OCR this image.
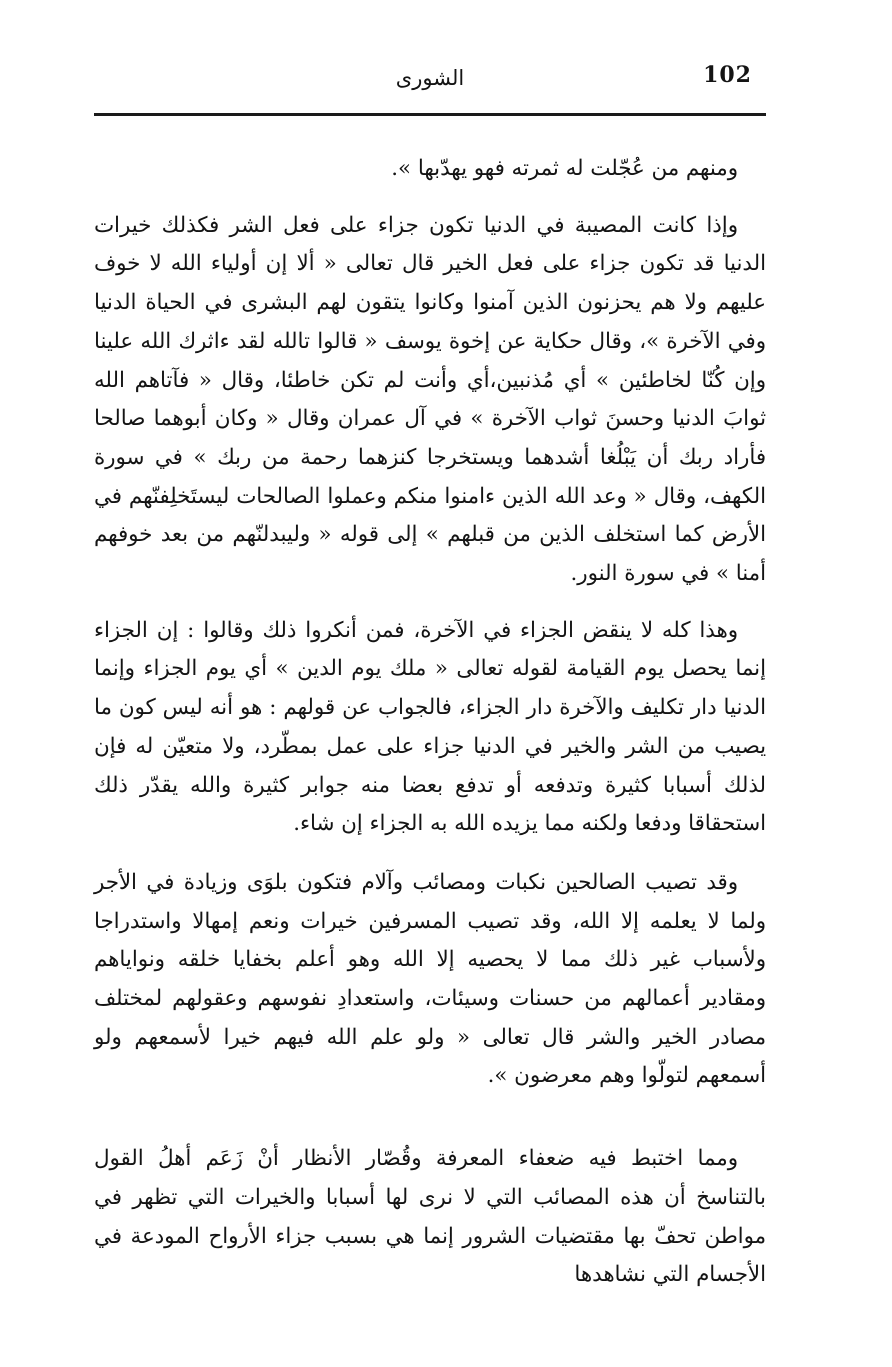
102
الشورى

ومنهم من عُجّلت له ثمرته فهو يهدّبها ».

وإذا كانت المصيبة في الدنيا تكون جزاء على فعل الشر فكذلك خيرات الدنيا قد تكون جزاء على فعل الخير قال تعالى « ألا إن أولياء الله لا خوف عليهم ولا هم يحزنون الذين آمنوا وكانوا يتقون لهم البشرى في الحياة الدنيا وفي الآخرة »، وقال حكاية عن إخوة يوسف « قالوا تالله لقد ءاثرك الله علينا وإن كُنّا لخاطئين » أي مُذنبين،أي وأنت لم تكن خاطئا، وقال « فآتاهم الله ثوابَ الدنيا وحسنَ ثواب الآخرة » في آل عمران وقال « وكان أبوهما صالحا فأراد ربك أن يَبْلُغا أشدهما ويستخرجا كنزهما رحمة من ربك » في سورة الكهف، وقال « وعد الله الذين ءامنوا منكم وعملوا الصالحات ليستَخلِفنّهم في الأرض كما استخلف الذين من قبلهم » إلى قوله « وليبدلنّهم من بعد خوفهم أمنا » في سورة النور.

وهذا كله لا ينقض الجزاء في الآخرة، فمن أنكروا ذلك وقالوا : إن الجزاء إنما يحصل يوم القيامة لقوله تعالى « ملك يوم الدين » أي يوم الجزاء وإنما الدنيا دار تكليف والآخرة دار الجزاء، فالجواب عن قولهم : هو أنه ليس كون ما يصيب من الشر والخير في الدنيا جزاء على عمل بمطّرد، ولا متعيّن له فإن لذلك أسبابا كثيرة وتدفعه أو تدفع بعضا منه جوابر كثيرة والله يقدّر ذلك استحقاقا ودفعا ولكنه مما يزيده الله به الجزاء إن شاء.

وقد تصيب الصالحين نكبات ومصائب وآلام فتكون بلوَى وزيادة في الأجر ولما لا يعلمه إلا الله، وقد تصيب المسرفين خيرات ونعم إمهالا واستدراجا ولأسباب غير ذلك مما لا يحصيه إلا الله وهو أعلم بخفايا خلقه ونواياهم ومقادير أعمالهم من حسنات وسيئات، واستعدادِ نفوسهم وعقولهم لمختلف مصادر الخير والشر قال تعالى « ولو علم الله فيهم خيرا لأسمعهم ولو أسمعهم لتولّوا وهم معرضون ».

ومما اختبط فيه ضعفاء المعرفة وقُصّار الأنظار أنْ زَعَم أهلُ القول بالتناسخ أن هذه المصائب التي لا نرى لها أسبابا والخيرات التي تظهر في مواطن تحفّ بها مقتضيات الشرور إنما هي بسبب جزاء الأرواح المودعة في الأجسام التي نشاهدها
